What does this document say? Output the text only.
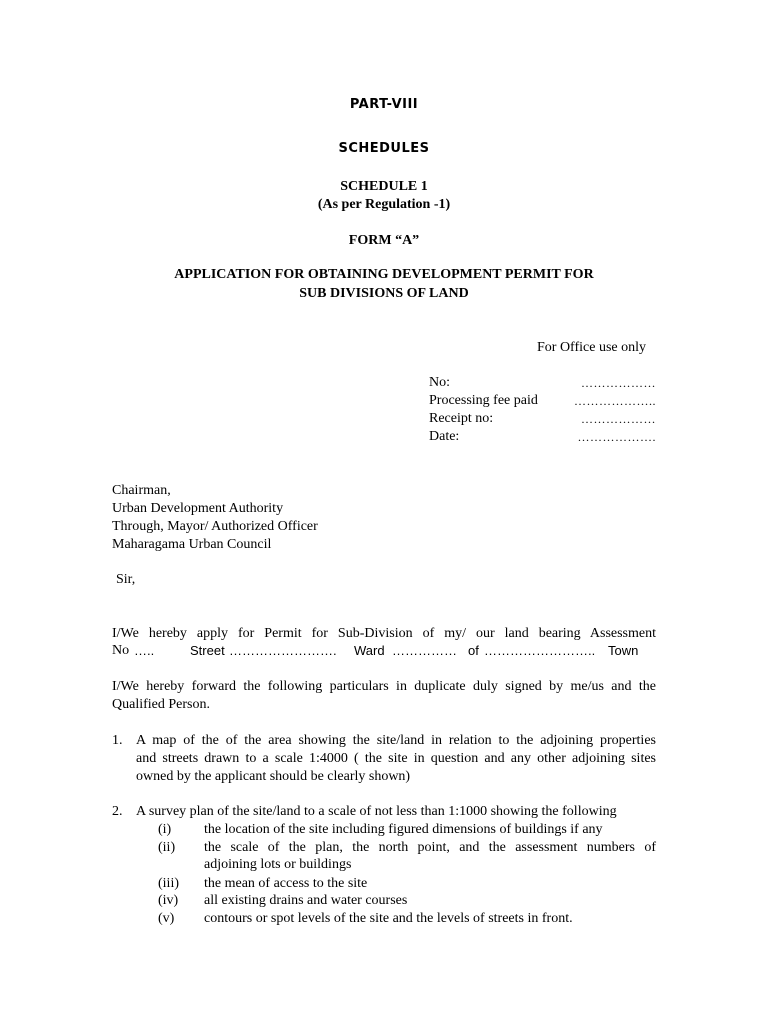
PART-VIII
SCHEDULES
SCHEDULE 1
(As per Regulation -1)
FORM “A”
APPLICATION FOR OBTAINING DEVELOPMENT PERMIT FOR
SUB DIVISIONS OF LAND
For Office use only
No:	………………
Processing fee paid	………………..
Receipt no:	………………
Date:	……………….
Chairman,
Urban Development Authority
Through, Mayor/ Authorized Officer
Maharagama Urban Council
Sir,
I/We hereby apply for Permit for Sub-Division of my/ our land bearing Assessment
No …..	Street ……………………. Ward …………… of …………………….. Town
I/We hereby forward the following particulars in duplicate duly signed by me/us and the
Qualified Person.
1. A map of the of the area showing the site/land in relation to the adjoining properties
and streets drawn to a scale 1:4000 ( the site in question and any other adjoining sites
owned by the applicant should be clearly shown)
2. A survey plan of the site/land to a scale of not less than 1:1000 showing the following
(i) the location of the site including figured dimensions of buildings if any
(ii) the scale of the plan, the north point, and the assessment numbers of
adjoining lots or buildings
(iii) the mean of access to the site
(iv) all existing drains and water courses
(v) contours or spot levels of the site and the levels of streets in front.
